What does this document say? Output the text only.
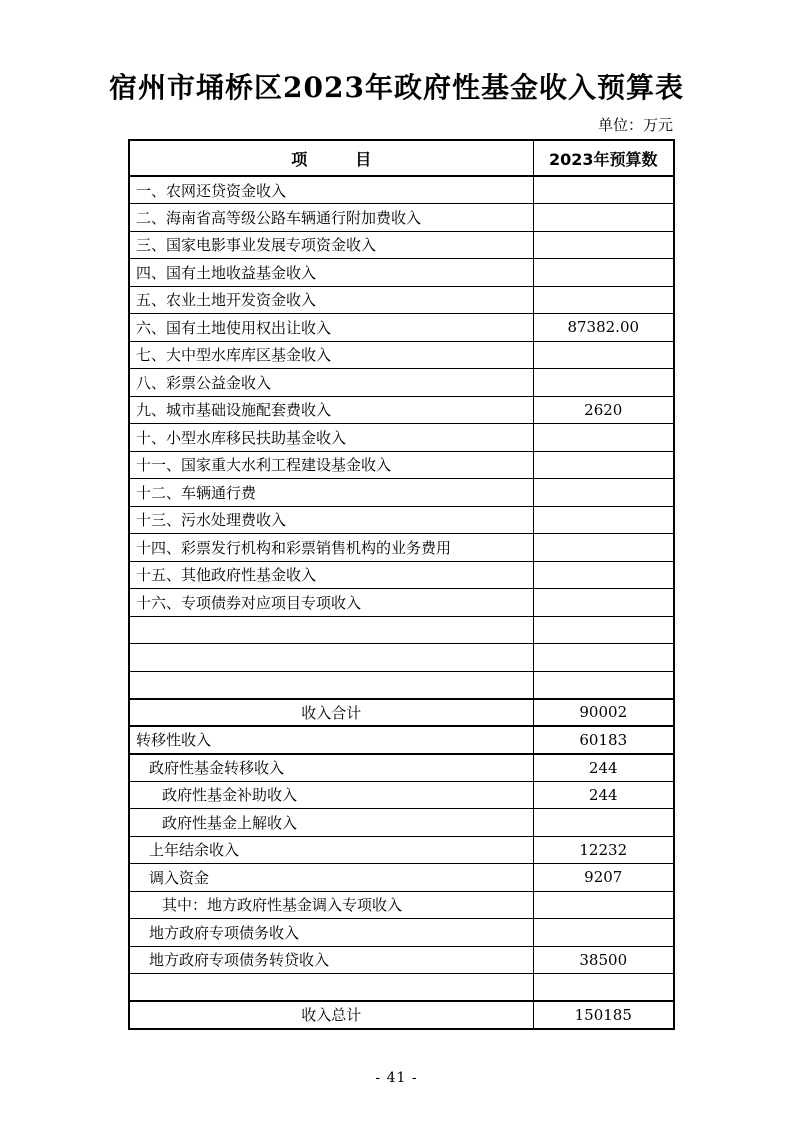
宿州市埇桥区2023年政府性基金收入预算表
单位：万元
项　　　目	2023年预算数
一、农网还贷资金收入	
二、海南省高等级公路车辆通行附加费收入	
三、国家电影事业发展专项资金收入	
四、国有土地收益基金收入	
五、农业土地开发资金收入	
六、国有土地使用权出让收入	87382.00
七、大中型水库库区基金收入	
八、彩票公益金收入	
九、城市基础设施配套费收入	2620
十、小型水库移民扶助基金收入	
十一、国家重大水利工程建设基金收入	
十二、车辆通行费	
十三、污水处理费收入	
十四、彩票发行机构和彩票销售机构的业务费用	
十五、其他政府性基金收入	
十六、专项债券对应项目专项收入	

收入合计	90002
转移性收入	60183
政府性基金转移收入	244
政府性基金补助收入	244
政府性基金上解收入	
上年结余收入	12232
调入资金	9207
其中：地方政府性基金调入专项收入	
地方政府专项债务收入	
地方政府专项债务转贷收入	38500

收入总计	150185
- 41 -
